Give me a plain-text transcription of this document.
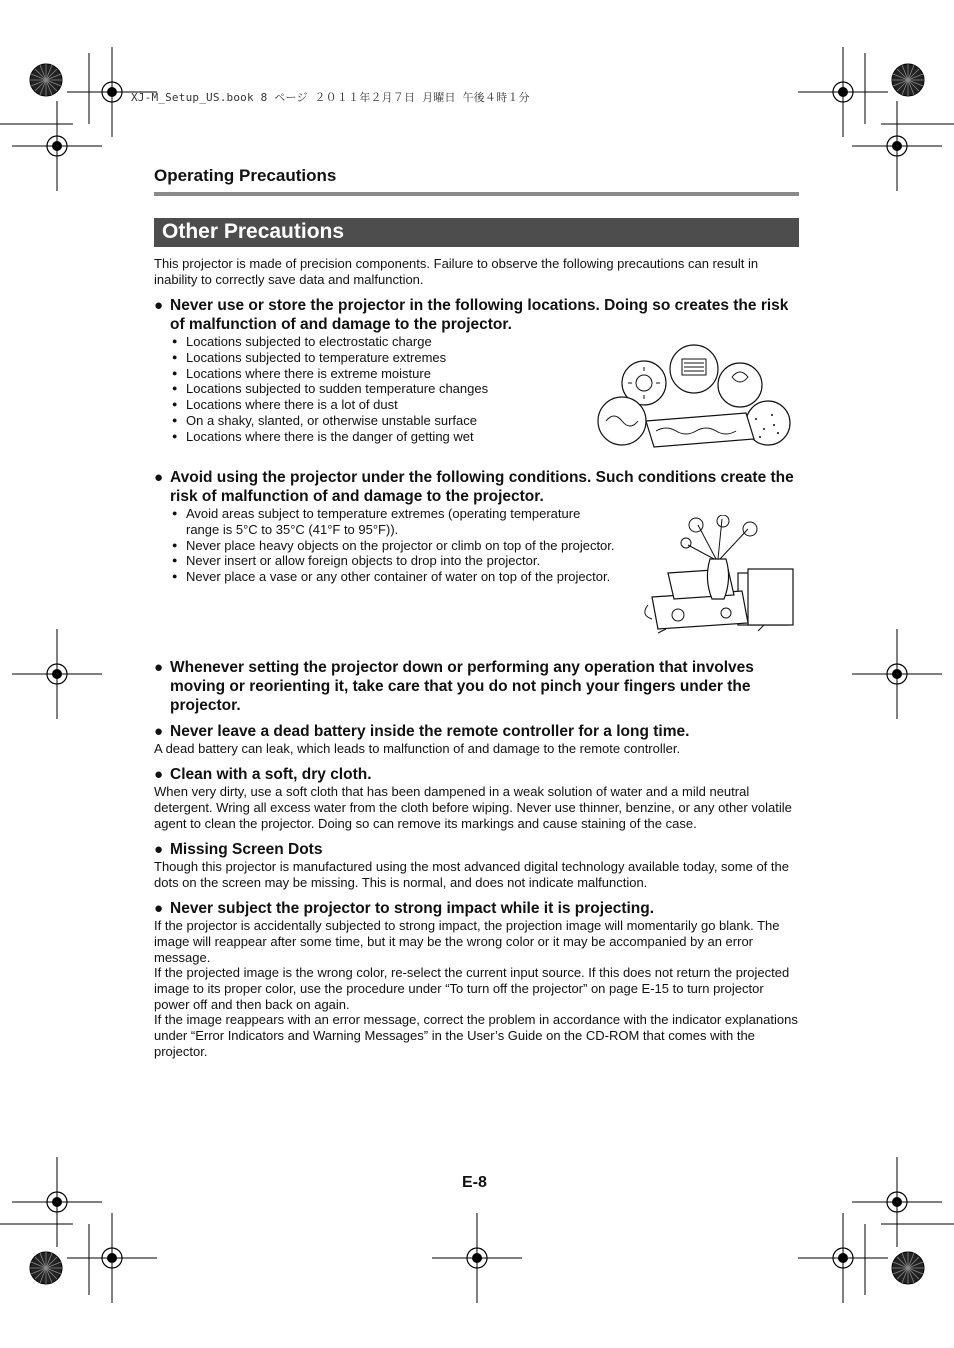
XJ-M_Setup_US.book 8 ページ ２０１１年２月７日 月曜日 午後４時１分
Operating Precautions
Other Precautions

This projector is made of precision components. Failure to observe the following precautions can result in inability to correctly save data and malfunction.

● Never use or store the projector in the following locations. Doing so creates the risk of malfunction of and damage to the projector.
● Locations subjected to electrostatic charge
● Locations subjected to temperature extremes
● Locations where there is extreme moisture
● Locations subjected to sudden temperature changes
● Locations where there is a lot of dust
● On a shaky, slanted, or otherwise unstable surface
● Locations where there is the danger of getting wet
● Avoid using the projector under the following conditions. Such conditions create the risk of malfunction of and damage to the projector.
● Avoid areas subject to temperature extremes (operating temperature range is 5°C to 35°C (41°F to 95°F)).
● Never place heavy objects on the projector or climb on top of the projector.
● Never insert or allow foreign objects to drop into the projector.
● Never place a vase or any other container of water on top of the projector.
● Whenever setting the projector down or performing any operation that involves moving or reorienting it, take care that you do not pinch your fingers under the projector.
● Never leave a dead battery inside the remote controller for a long time.

A dead battery can leak, which leads to malfunction of and damage to the remote controller.

● Clean with a soft, dry cloth.

When very dirty, use a soft cloth that has been dampened in a weak solution of water and a mild neutral detergent. Wring all excess water from the cloth before wiping. Never use thinner, benzine, or any other volatile agent to clean the projector. Doing so can remove its markings and cause staining of the case.

● Missing Screen Dots

Though this projector is manufactured using the most advanced digital technology available today, some of the dots on the screen may be missing. This is normal, and does not indicate malfunction.

● Never subject the projector to strong impact while it is projecting.

If the projector is accidentally subjected to strong impact, the projection image will momentarily go blank. The image will reappear after some time, but it may be the wrong color or it may be accompanied by an error message.

If the projected image is the wrong color, re-select the current input source. If this does not return the projected image to its proper color, use the procedure under “To turn off the projector” on page E-15 to turn projector power off and then back on again.

If the image reappears with an error message, correct the problem in accordance with the indicator explanations under “Error Indicators and Warning Messages” in the User’s Guide on the CD-ROM that comes with the projector.

E-8
